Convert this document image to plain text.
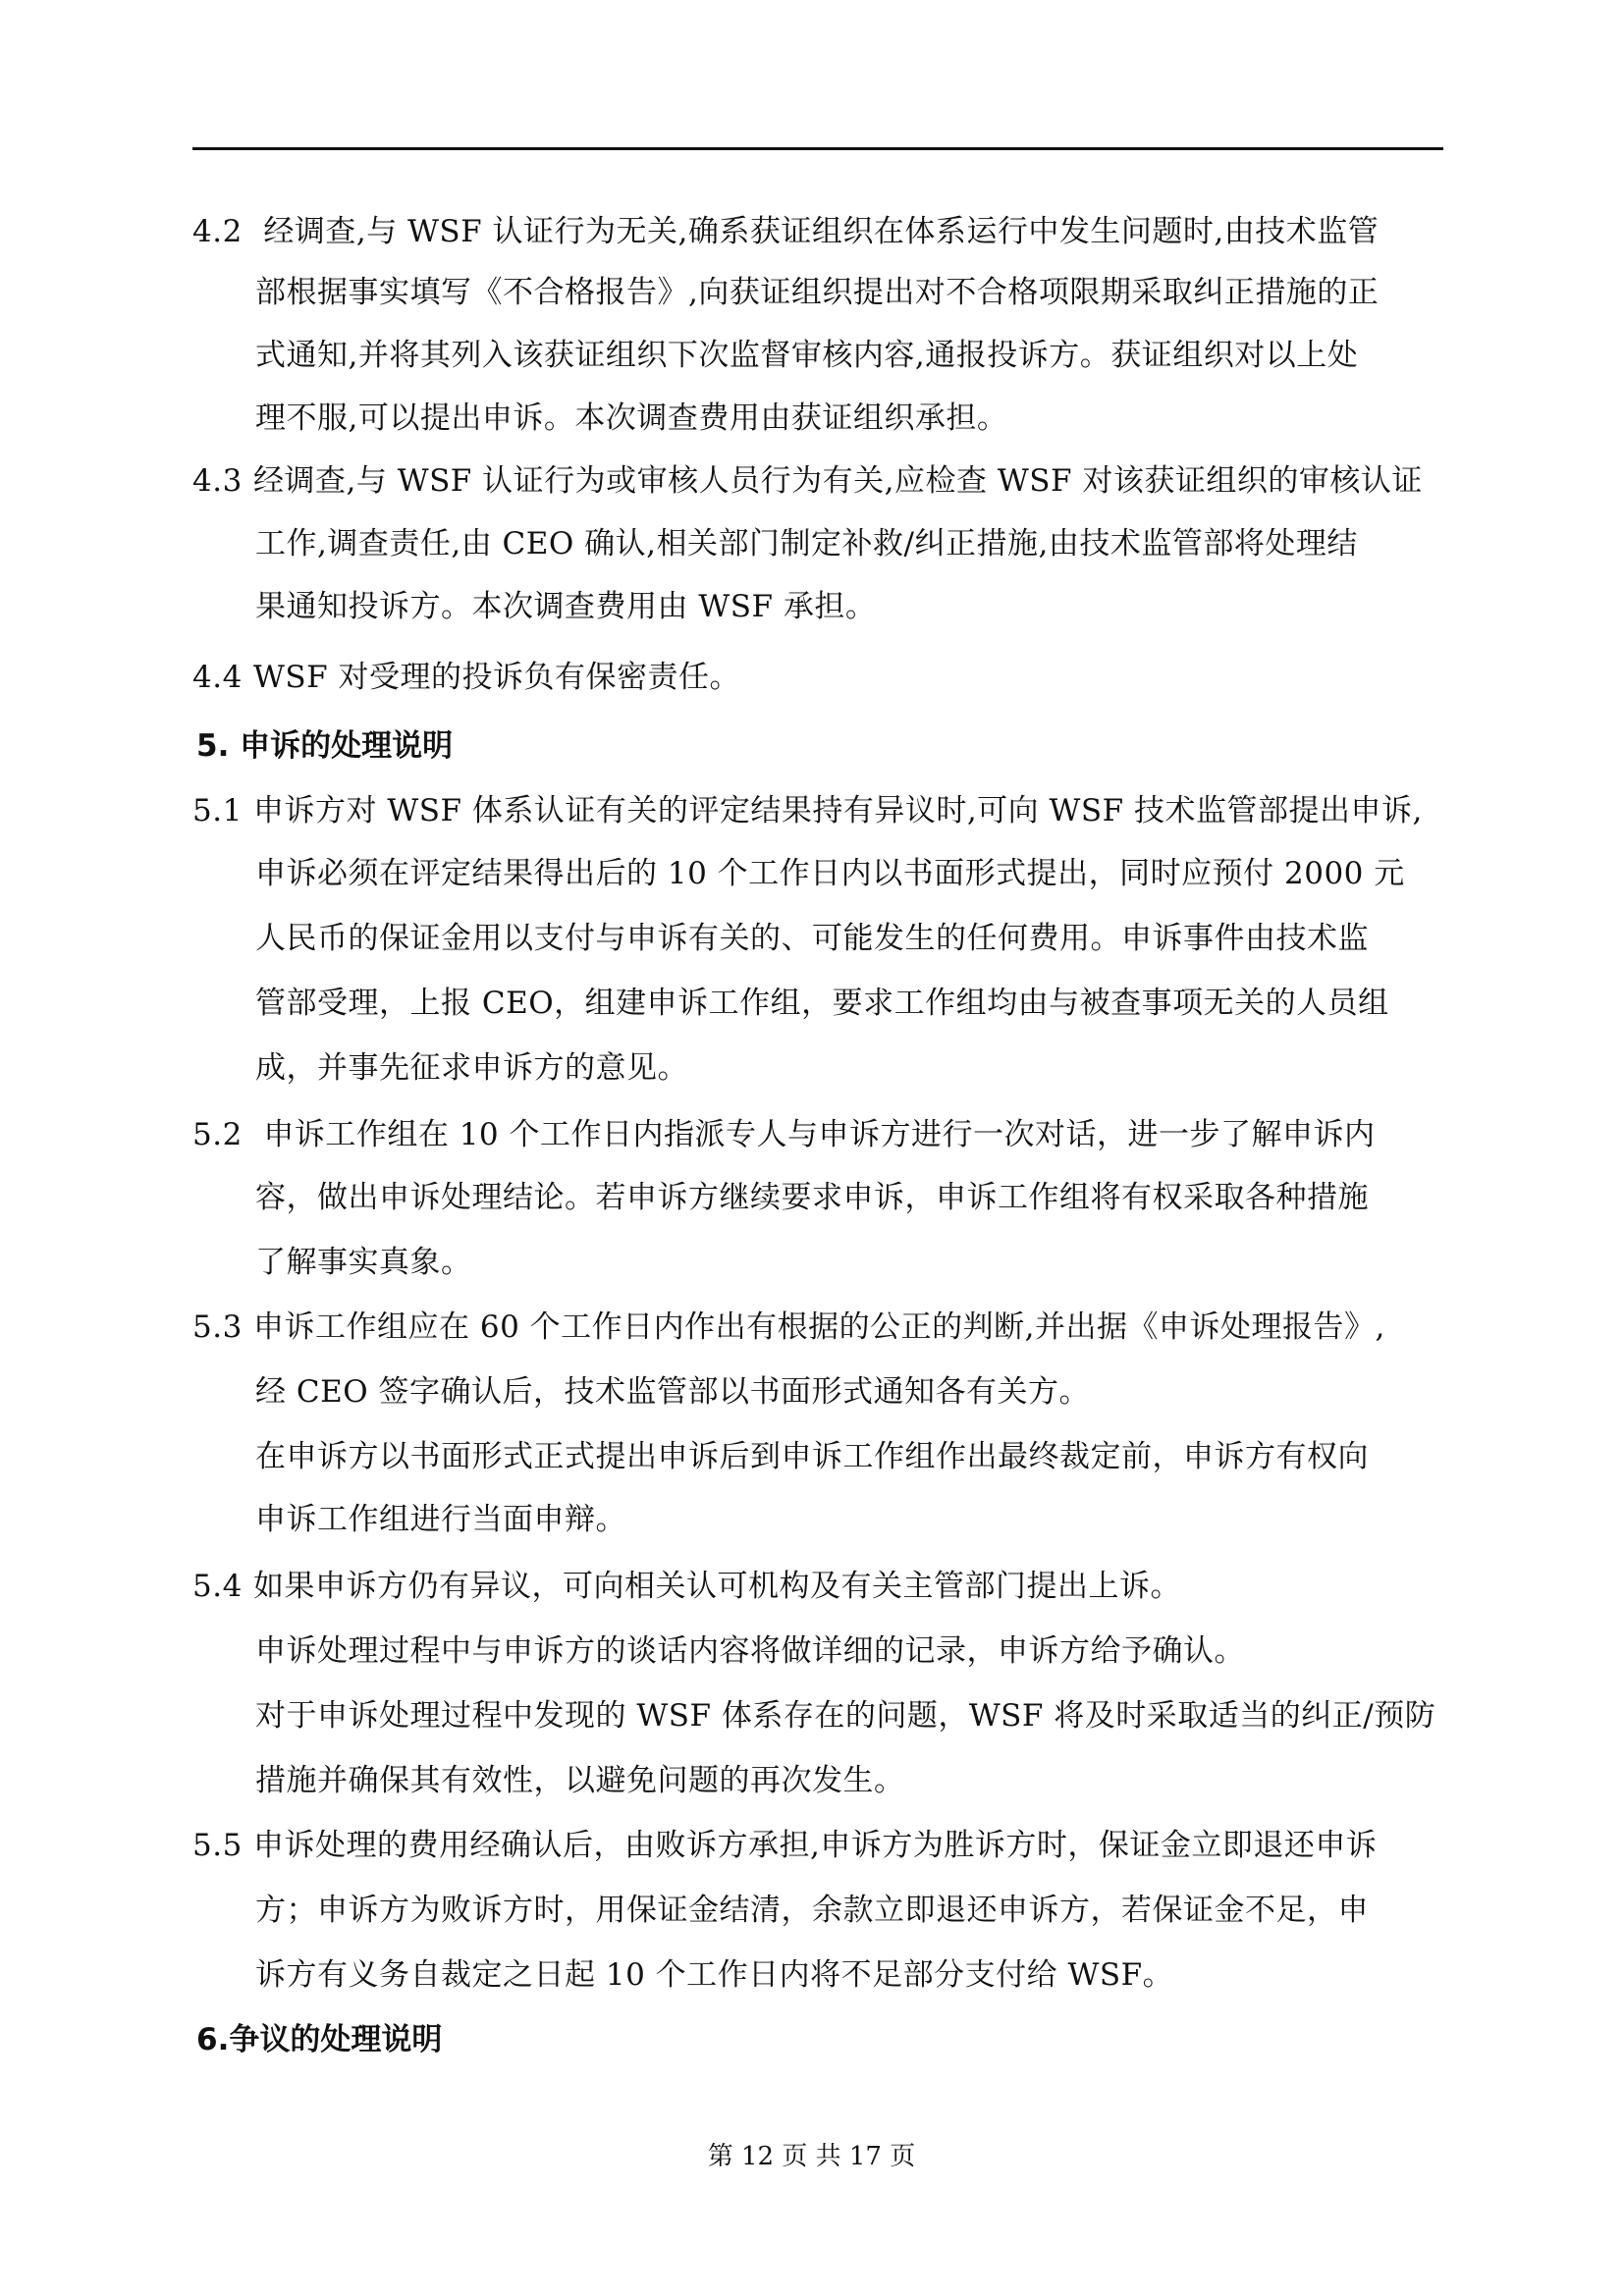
4.2 经调查,与 WSF 认证行为无关,确系获证组织在体系运行中发生问题时,由技术监管
部根据事实填写《不合格报告》,向获证组织提出对不合格项限期采取纠正措施的正
式通知,并将其列入该获证组织下次监督审核内容,通报投诉方。获证组织对以上处
理不服,可以提出申诉。本次调查费用由获证组织承担。
4.3 经调查,与 WSF 认证行为或审核人员行为有关,应检查 WSF 对该获证组织的审核认证
工作,调查责任,由 CEO 确认,相关部门制定补救/纠正措施,由技术监管部将处理结
果通知投诉方。本次调查费用由 WSF 承担。
4.4 WSF 对受理的投诉负有保密责任。
5. 申诉的处理说明
5.1 申诉方对 WSF 体系认证有关的评定结果持有异议时,可向 WSF 技术监管部提出申诉,
申诉必须在评定结果得出后的 10 个工作日内以书面形式提出，同时应预付 2000 元
人民币的保证金用以支付与申诉有关的、可能发生的任何费用。申诉事件由技术监
管部受理，上报 CEO，组建申诉工作组，要求工作组均由与被查事项无关的人员组
成，并事先征求申诉方的意见。
5.2 申诉工作组在 10 个工作日内指派专人与申诉方进行一次对话，进一步了解申诉内
容，做出申诉处理结论。若申诉方继续要求申诉，申诉工作组将有权采取各种措施
了解事实真象。
5.3 申诉工作组应在 60 个工作日内作出有根据的公正的判断,并出据《申诉处理报告》,
经 CEO 签字确认后，技术监管部以书面形式通知各有关方。
在申诉方以书面形式正式提出申诉后到申诉工作组作出最终裁定前，申诉方有权向
申诉工作组进行当面申辩。
5.4 如果申诉方仍有异议，可向相关认可机构及有关主管部门提出上诉。
申诉处理过程中与申诉方的谈话内容将做详细的记录，申诉方给予确认。
对于申诉处理过程中发现的 WSF 体系存在的问题，WSF 将及时采取适当的纠正/预防
措施并确保其有效性，以避免问题的再次发生。
5.5 申诉处理的费用经确认后，由败诉方承担,申诉方为胜诉方时，保证金立即退还申诉
方；申诉方为败诉方时，用保证金结清，余款立即退还申诉方，若保证金不足，申
诉方有义务自裁定之日起 10 个工作日内将不足部分支付给 WSF。
6.争议的处理说明
第 12 页 共 17 页
